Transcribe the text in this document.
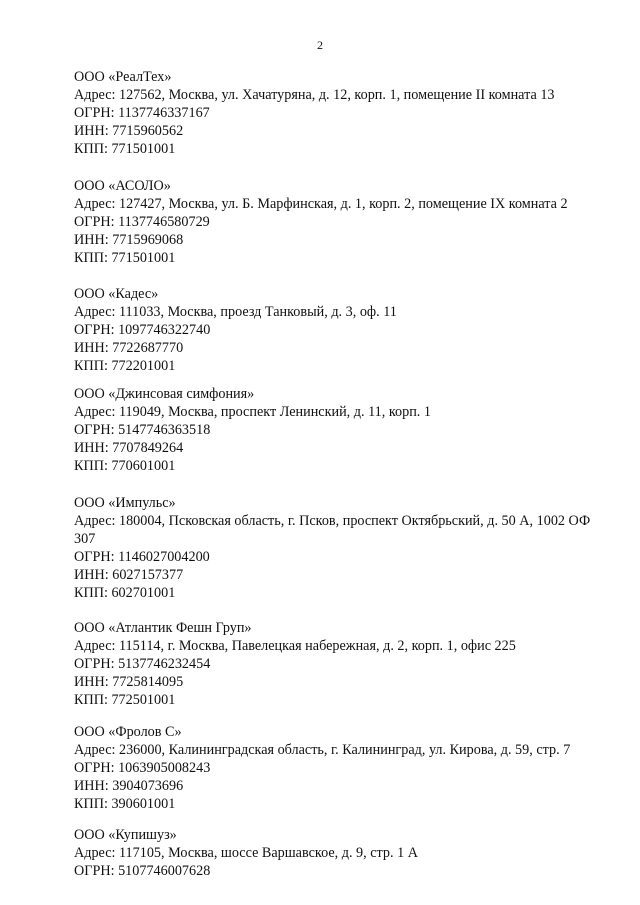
2
ООО «РеалТех»
Адрес: 127562, Москва, ул. Хачатуряна, д. 12, корп. 1, помещение II комната 13
ОГРН: 1137746337167
ИНН: 7715960562
КПП: 771501001
ООО «АСОЛО»
Адрес: 127427, Москва, ул. Б. Марфинская, д. 1, корп. 2, помещение IX комната 2
ОГРН: 1137746580729
ИНН: 7715969068
КПП: 771501001
ООО «Кадес»
Адрес: 111033, Москва, проезд Танковый, д. 3, оф. 11
ОГРН: 1097746322740
ИНН: 7722687770
КПП: 772201001
ООО «Джинсовая симфония»
Адрес: 119049, Москва, проспект Ленинский, д. 11, корп. 1
ОГРН: 5147746363518
ИНН: 7707849264
КПП: 770601001
ООО «Импульс»
Адрес: 180004, Псковская область, г. Псков, проспект Октябрьский, д. 50 А, 1002 ОФ 307
ОГРН: 1146027004200
ИНН: 6027157377
КПП: 602701001
ООО «Атлантик Фешн Груп»
Адрес: 115114, г. Москва, Павелецкая набережная, д. 2, корп. 1, офис 225
ОГРН: 5137746232454
ИНН: 7725814095
КПП: 772501001
ООО «Фролов С»
Адрес: 236000, Калининградская область, г. Калининград, ул. Кирова, д. 59, стр. 7
ОГРН: 1063905008243
ИНН: 3904073696
КПП: 390601001
ООО «Купишуз»
Адрес: 117105, Москва, шоссе Варшавское, д. 9, стр. 1 А
ОГРН: 5107746007628
